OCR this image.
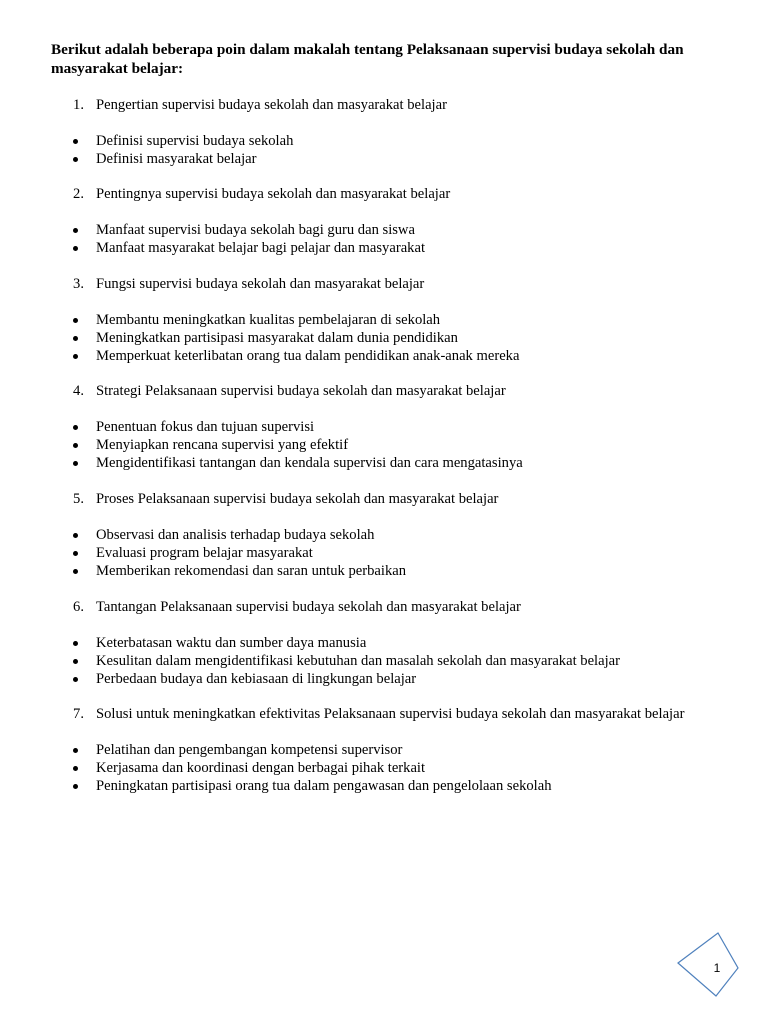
Berikut adalah beberapa poin dalam makalah tentang Pelaksanaan supervisi budaya sekolah dan masyarakat belajar:

1. Pengertian supervisi budaya sekolah dan masyarakat belajar
Definisi supervisi budaya sekolah
Definisi masyarakat belajar
2. Pentingnya supervisi budaya sekolah dan masyarakat belajar
Manfaat supervisi budaya sekolah bagi guru dan siswa
Manfaat masyarakat belajar bagi pelajar dan masyarakat
3. Fungsi supervisi budaya sekolah dan masyarakat belajar
Membantu meningkatkan kualitas pembelajaran di sekolah
Meningkatkan partisipasi masyarakat dalam dunia pendidikan
Memperkuat keterlibatan orang tua dalam pendidikan anak-anak mereka
4. Strategi Pelaksanaan supervisi budaya sekolah dan masyarakat belajar
Penentuan fokus dan tujuan supervisi
Menyiapkan rencana supervisi yang efektif
Mengidentifikasi tantangan dan kendala supervisi dan cara mengatasinya
5. Proses Pelaksanaan supervisi budaya sekolah dan masyarakat belajar
Observasi dan analisis terhadap budaya sekolah
Evaluasi program belajar masyarakat
Memberikan rekomendasi dan saran untuk perbaikan
6. Tantangan Pelaksanaan supervisi budaya sekolah dan masyarakat belajar
Keterbatasan waktu dan sumber daya manusia
Kesulitan dalam mengidentifikasi kebutuhan dan masalah sekolah dan masyarakat belajar
Perbedaan budaya dan kebiasaan di lingkungan belajar
7. Solusi untuk meningkatkan efektivitas Pelaksanaan supervisi budaya sekolah dan masyarakat belajar
Pelatihan dan pengembangan kompetensi supervisor
Kerjasama dan koordinasi dengan berbagai pihak terkait
Peningkatan partisipasi orang tua dalam pengawasan dan pengelolaan sekolah
1
